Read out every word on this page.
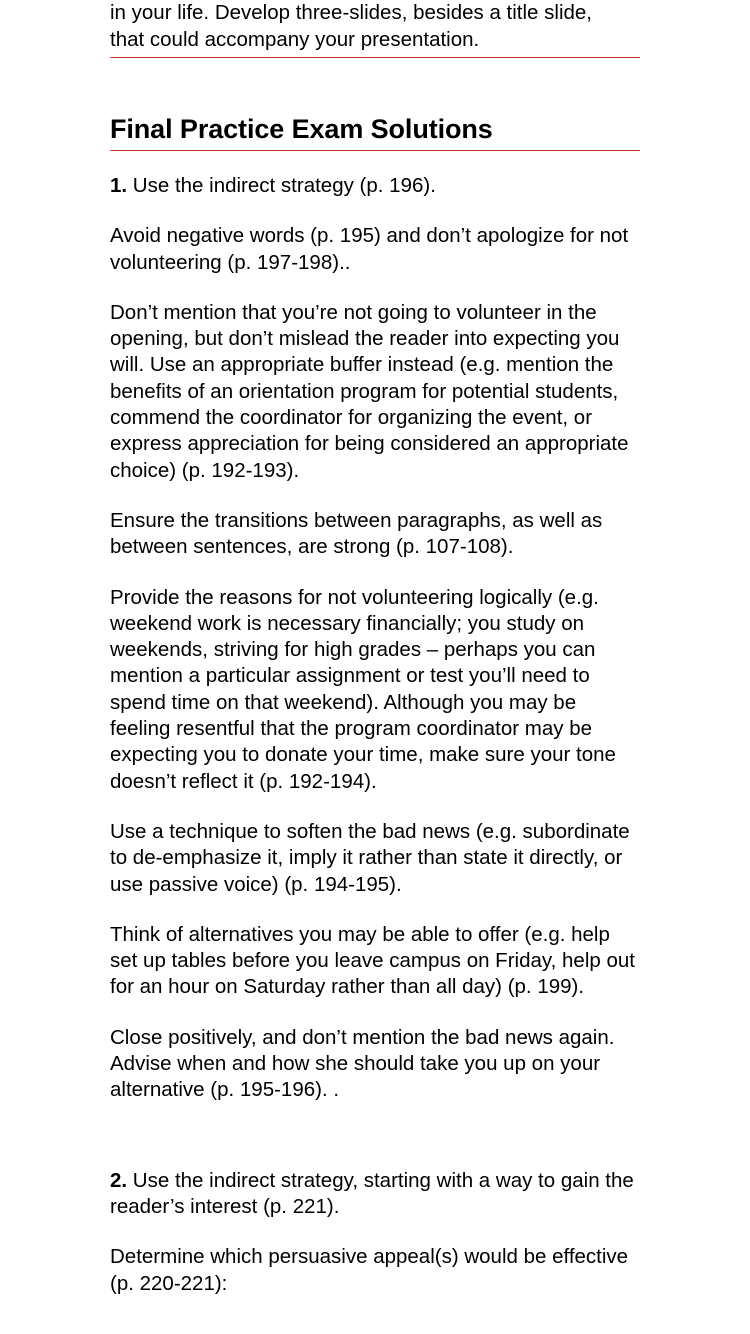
in your life. Develop three-slides, besides a title slide,

that could accompany your presentation.

Final Practice Exam Solutions

1. Use the indirect strategy (p. 196).

Avoid negative words (p. 195) and don’t apologize for not volunteering (p. 197-198)..

Don’t mention that you’re not going to volunteer in the opening, but don’t mislead the reader into expecting you will. Use an appropriate buffer instead (e.g. mention the benefits of an orientation program for potential students, commend the coordinator for organizing the event, or express appreciation for being considered an appropriate choice) (p. 192-193).

Ensure the transitions between paragraphs, as well as between sentences, are strong (p. 107-108).

Provide the reasons for not volunteering logically (e.g. weekend work is necessary financially; you study on weekends, striving for high grades – perhaps you can mention a particular assignment or test you’ll need to spend time on that weekend). Although you may be feeling resentful that the program coordinator may be expecting you to donate your time, make sure your tone doesn’t reflect it (p. 192-194).

Use a technique to soften the bad news (e.g. subordinate to de-emphasize it, imply it rather than state it directly, or use passive voice) (p. 194-195).

Think of alternatives you may be able to offer (e.g. help set up tables before you leave campus on Friday, help out for an hour on Saturday rather than all day) (p. 199).

Close positively, and don’t mention the bad news again. Advise when and how she should take you up on your alternative (p. 195-196). .

2. Use the indirect strategy, starting with a way to gain the reader’s interest (p. 221).

Determine which persuasive appeal(s) would be effective (p. 220-221):
